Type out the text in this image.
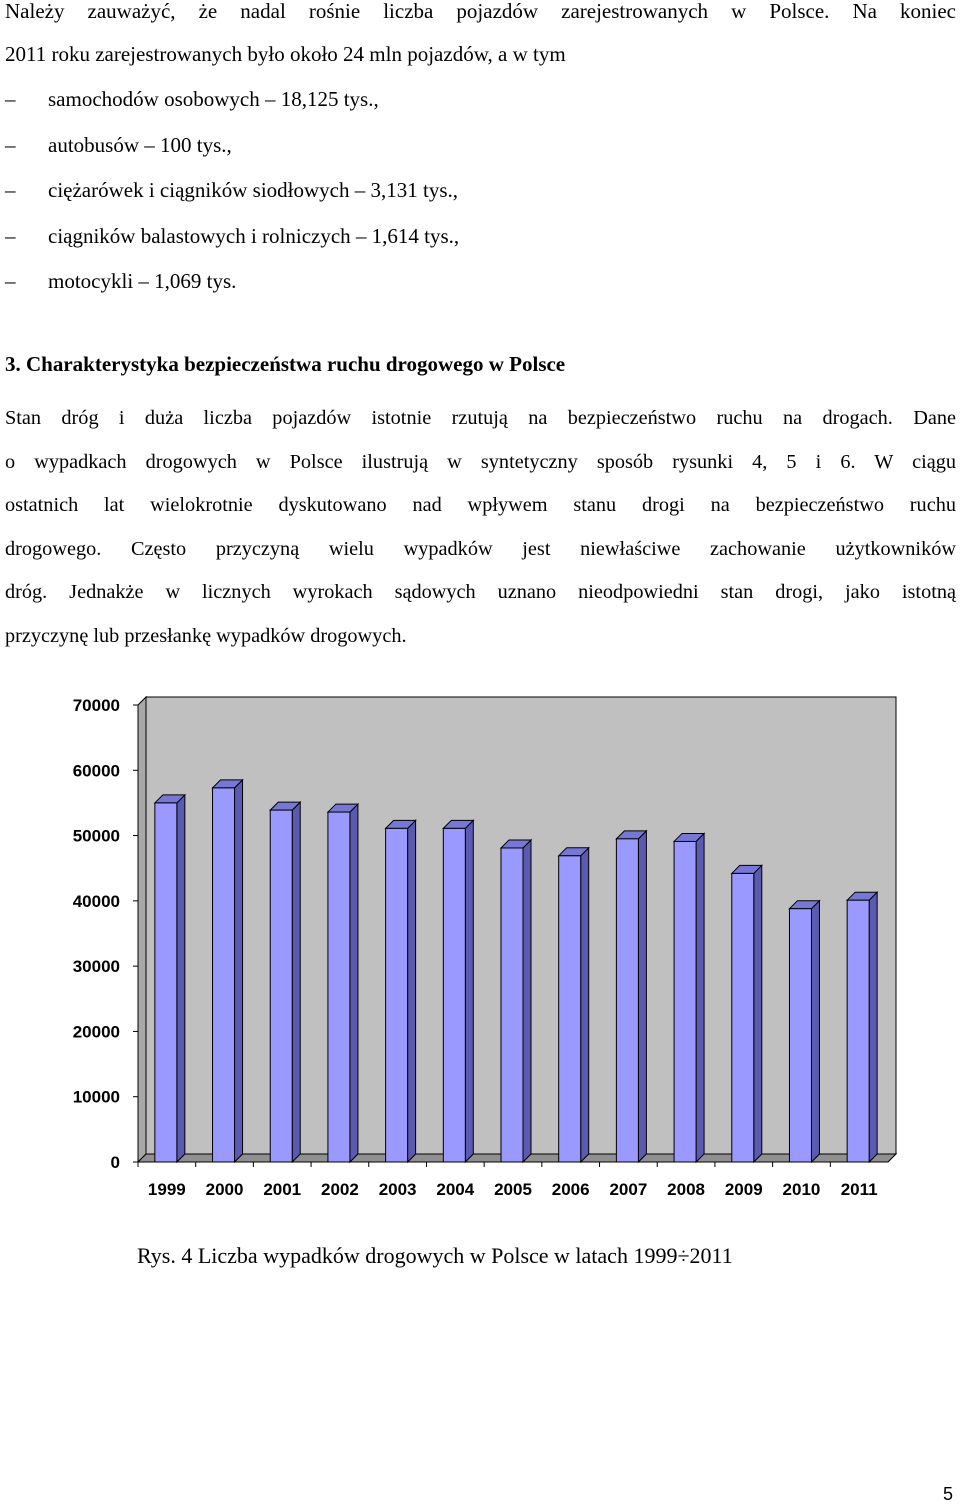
Należy zauważyć, że nadal rośnie liczba pojazdów zarejestrowanych w Polsce. Na koniec
2011 roku zarejestrowanych było około 24 mln pojazdów, a w tym
– samochodów osobowych – 18,125 tys.,
– autobusów – 100 tys.,
– ciężarówek i ciągników siodłowych – 3,131 tys.,
– ciągników balastowych i rolniczych – 1,614 tys.,
– motocykli – 1,069 tys.
3. Charakterystyka bezpieczeństwa ruchu drogowego w Polsce
Stan dróg i duża liczba pojazdów istotnie rzutują na bezpieczeństwo ruchu na drogach. Dane
o wypadkach drogowych w Polsce ilustrują w syntetyczny sposób rysunki 4, 5 i 6. W ciągu
ostatnich lat wielokrotnie dyskutowano nad wpływem stanu drogi na bezpieczeństwo ruchu
drogowego. Często przyczyną wielu wypadków jest niewłaściwe zachowanie użytkowników
dróg. Jednakże w licznych wyrokach sądowych uznano nieodpowiedni stan drogi, jako istotną
przyczynę lub przesłankę wypadków drogowych.
0
10000
20000
30000
40000
50000
60000
70000
1999 2000 2001 2002 2003 2004 2005 2006 2007 2008 2009 2010 2011
Rys. 4 Liczba wypadków drogowych w Polsce w latach 1999÷2011
5
